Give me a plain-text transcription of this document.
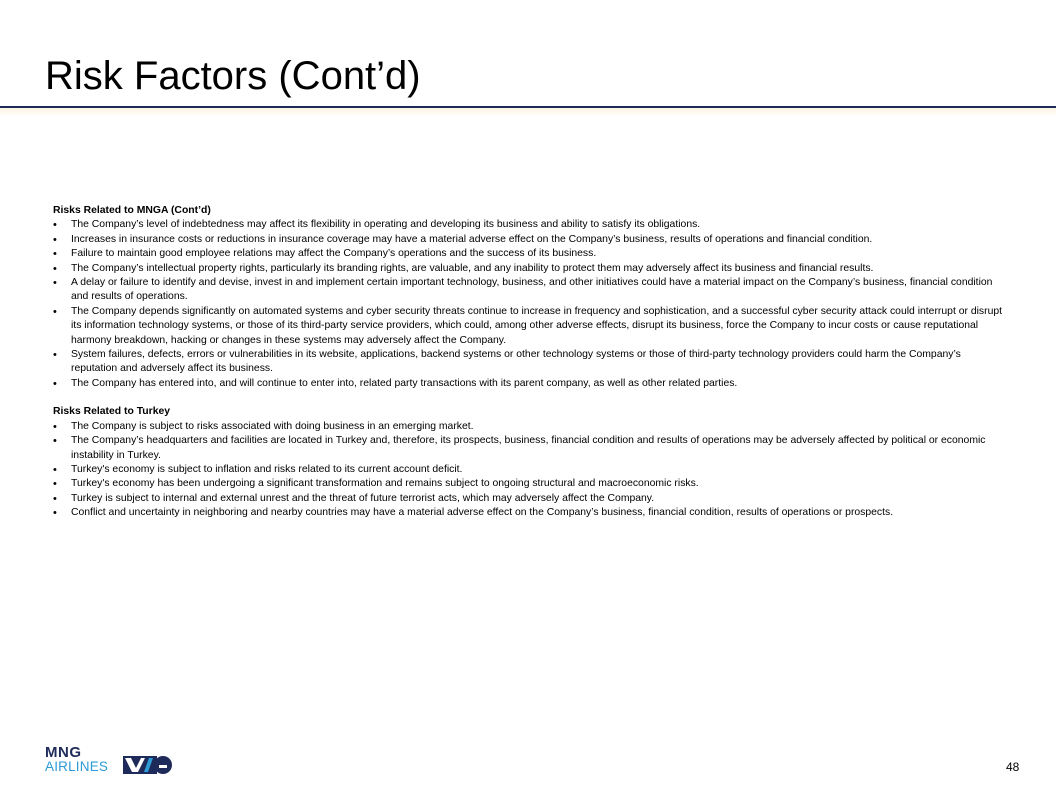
Risk Factors (Cont’d)

Risks Related to MNGA (Cont’d)

• The Company’s level of indebtedness may affect its flexibility in operating and developing its business and ability to satisfy its obligations.
• Increases in insurance costs or reductions in insurance coverage may have a material adverse effect on the Company’s business, results of operations and financial condition.
• Failure to maintain good employee relations may affect the Company’s operations and the success of its business.
• The Company’s intellectual property rights, particularly its branding rights, are valuable, and any inability to protect them may adversely affect its business and financial results.
• A delay or failure to identify and devise, invest in and implement certain important technology, business, and other initiatives could have a material impact on the Company’s business, financial condition and results of operations.
• The Company depends significantly on automated systems and cyber security threats continue to increase in frequency and sophistication, and a successful cyber security attack could interrupt or disrupt its information technology systems, or those of its third-party service providers, which could, among other adverse effects, disrupt its business, force the Company to incur costs or cause reputational harmony breakdown, hacking or changes in these systems may adversely affect the Company.
• System failures, defects, errors or vulnerabilities in its website, applications, backend systems or other technology systems or those of third-party technology providers could harm the Company’s reputation and adversely affect its business.
• The Company has entered into, and will continue to enter into, related party transactions with its parent company, as well as other related parties.

Risks Related to Turkey

• The Company is subject to risks associated with doing business in an emerging market.
• The Company’s headquarters and facilities are located in Turkey and, therefore, its prospects, business, financial condition and results of operations may be adversely affected by political or economic instability in Turkey.
• Turkey's economy is subject to inflation and risks related to its current account deficit.
• Turkey's economy has been undergoing a significant transformation and remains subject to ongoing structural and macroeconomic risks.
• Turkey is subject to internal and external unrest and the threat of future terrorist acts, which may adversely affect the Company.
• Conflict and uncertainty in neighboring and nearby countries may have a material adverse effect on the Company’s business, financial condition, results of operations or prospects.
MNG
AIRLINES	48
